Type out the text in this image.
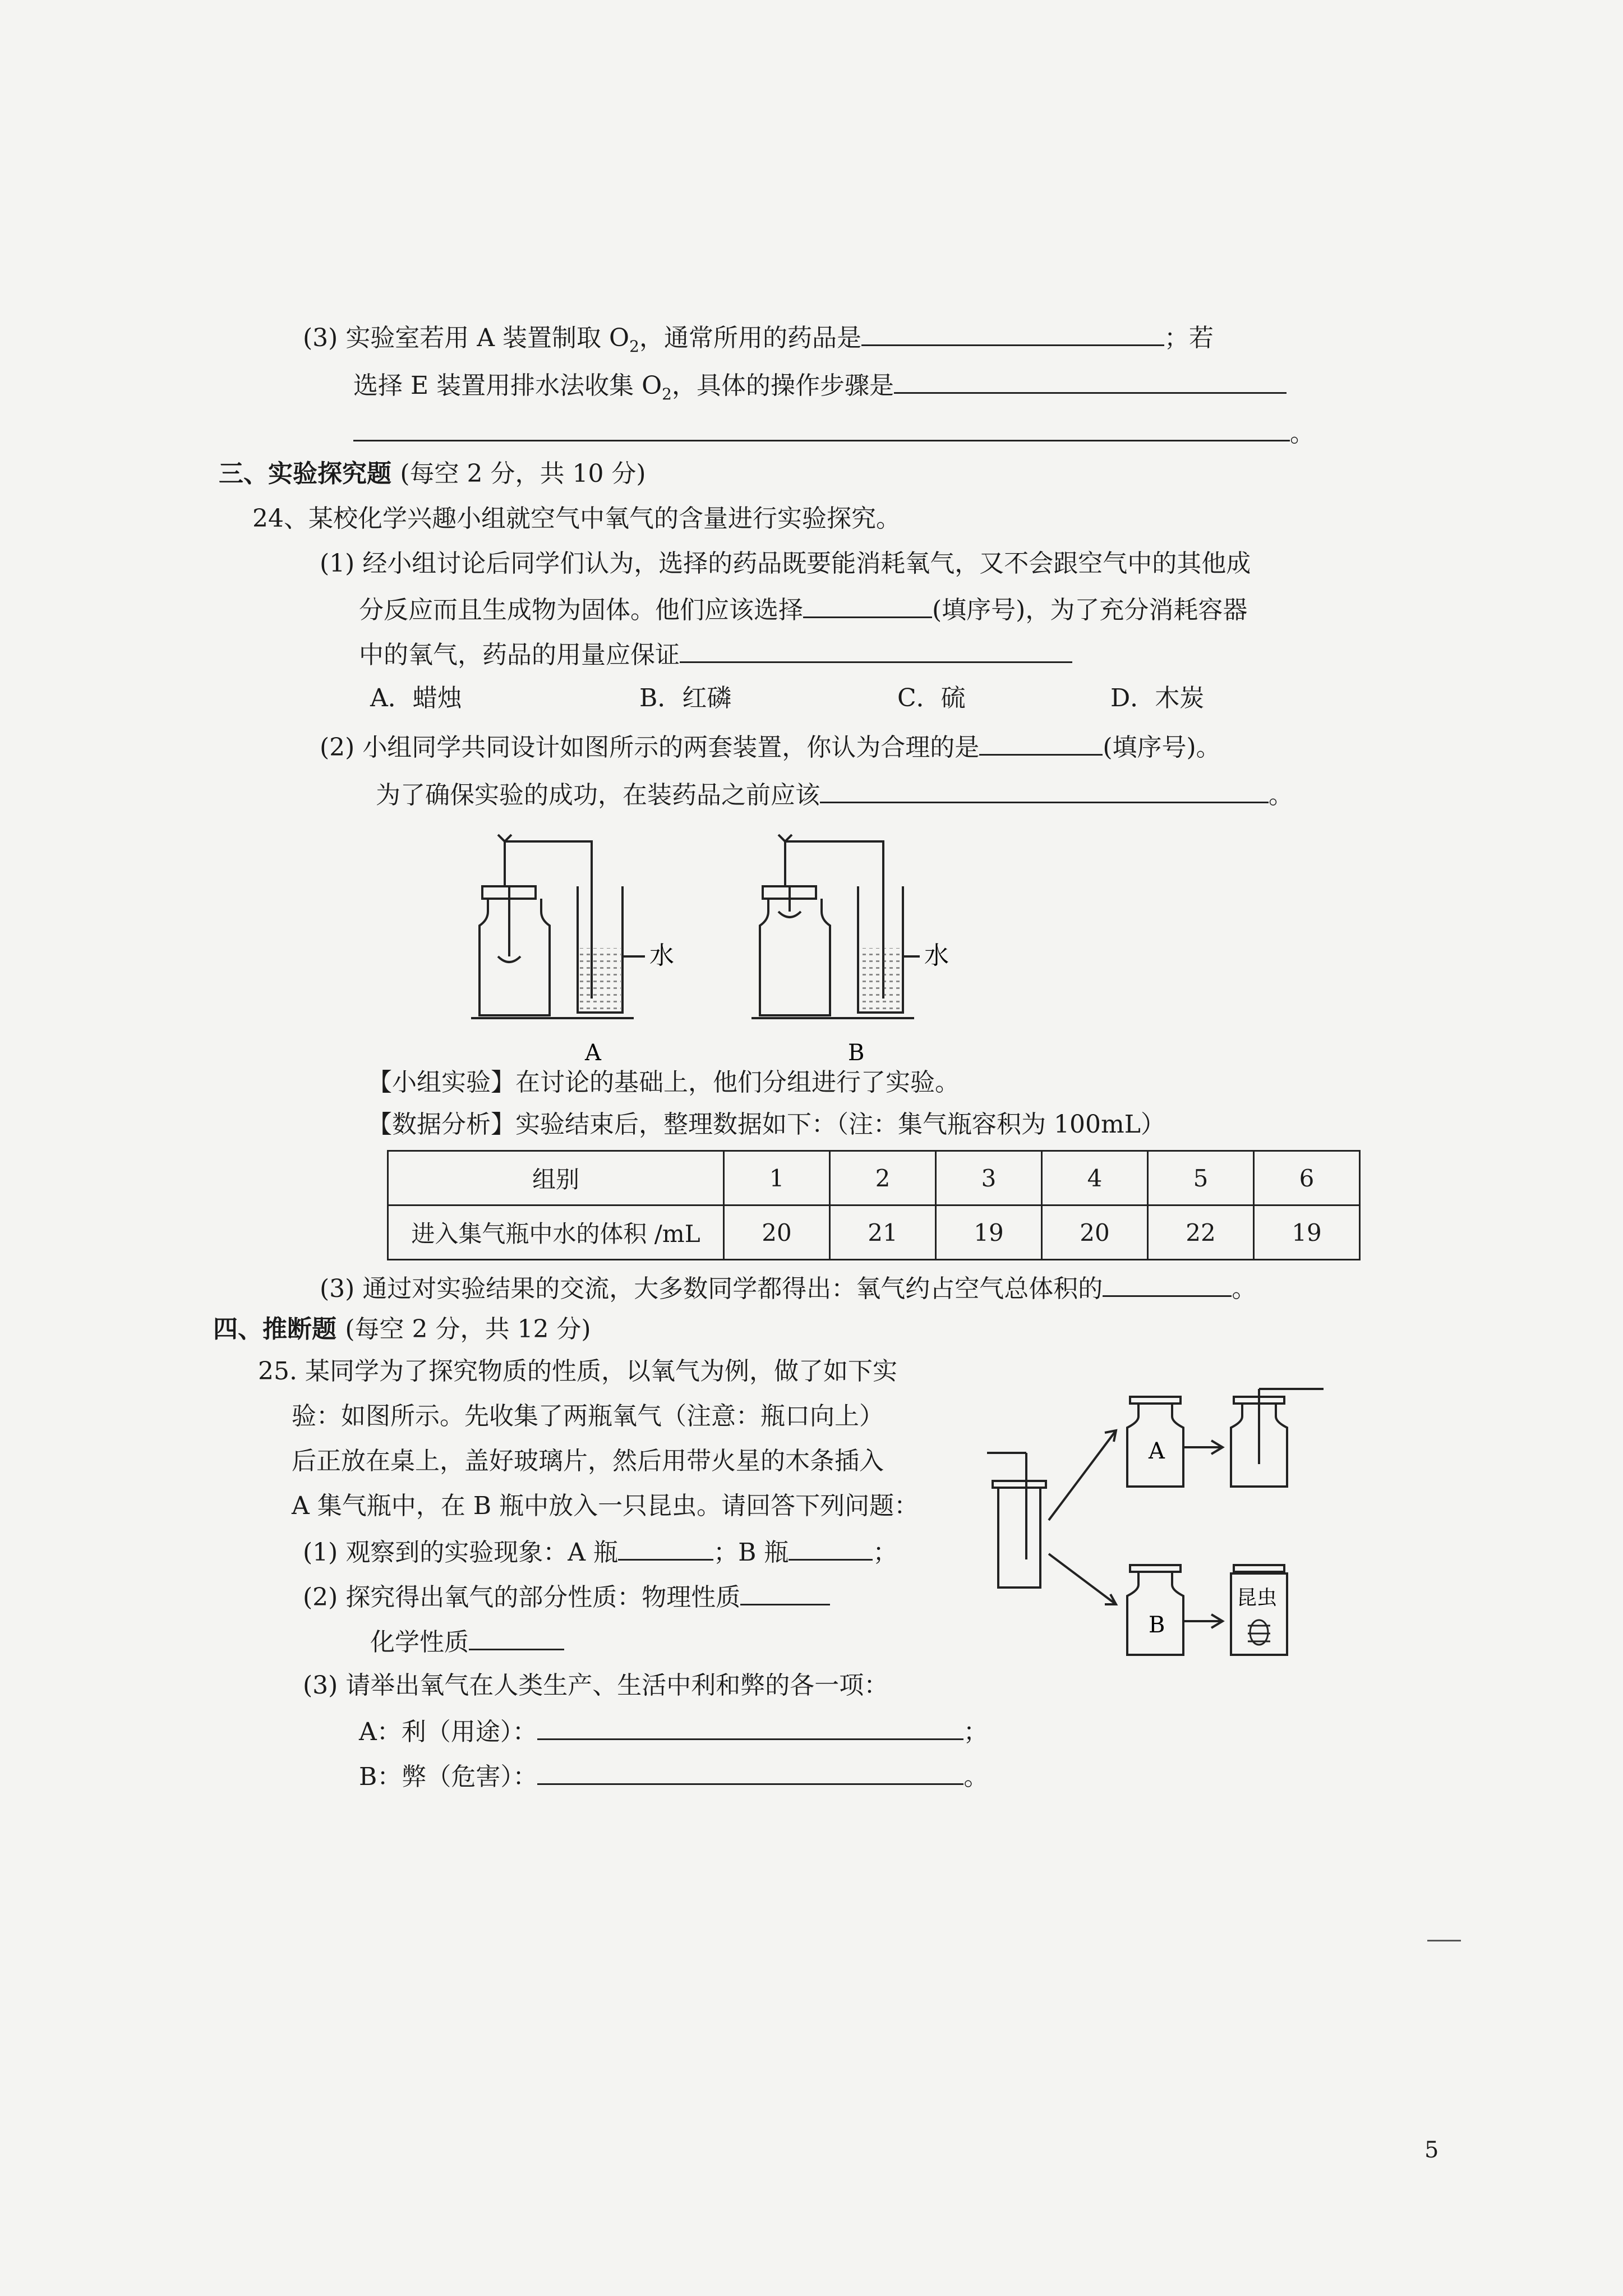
(3) 实验室若用 A 装置制取 $O_2$，通常所用的药品是	；若
选择 E 装置用排水法收集 $O_2$，具体的操作步骤是
。
三、实验探究题 (每空 2 分，共 10 分)
24、某校化学兴趣小组就空气中氧气的含量进行实验探究。
(1) 经小组讨论后同学们认为，选择的药品既要能消耗氧气，又不会跟空气中的其他成
分反应而且生成物为固体。他们应该选择	(填序号)，为了充分消耗容器
中的氧气，药品的用量应保证
A．蜡烛	B．红磷	C．硫	D．木炭
(2) 小组同学共同设计如图所示的两套装置，你认为合理的是	(填序号)。
为了确保实验的成功，在装药品之前应该	。
水	水
A	B
【小组实验】在讨论的基础上，他们分组进行了实验。
【数据分析】实验结束后，整理数据如下：（注：集气瓶容积为 100mL）
组别	1	2	3	4	5	6
进入集气瓶中水的体积 /mL	20	21	19	20	22	19
(3) 通过对实验结果的交流，大多数同学都得出：氧气约占空气总体积的	。
四、推断题 (每空 2 分，共 12 分)
25. 某同学为了探究物质的性质，以氧气为例，做了如下实
验：如图所示。先收集了两瓶氧气（注意：瓶口向上）
后正放在桌上，盖好玻璃片，然后用带火星的木条插入
A 集气瓶中，在 B 瓶中放入一只昆虫。请回答下列问题：
(1) 观察到的实验现象：A 瓶	；B 瓶	；
(2) 探究得出氧气的部分性质：物理性质
化学性质
(3) 请举出氧气在人类生产、生活中利和弊的各一项：
A：利（用途）：	；
B：弊（危害）：	。
A
B
昆虫
5
